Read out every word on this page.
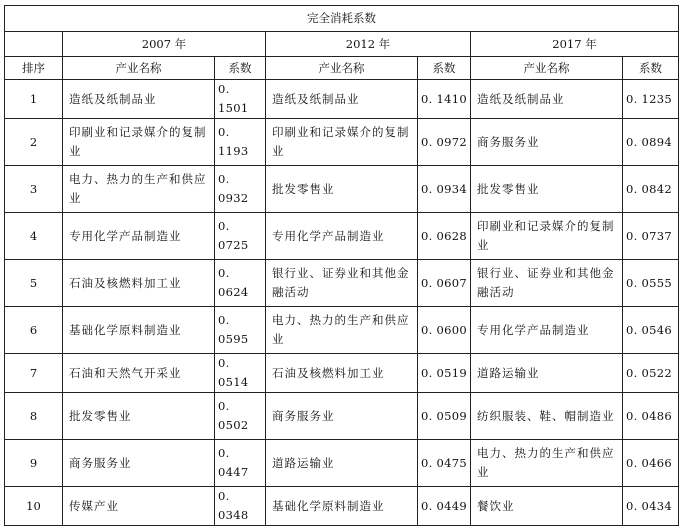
完全消耗系数						
	2007 年		2012 年		2017 年	
排序	产业名称	系数	产业名称	系数	产业名称	系数
1	造纸及纸制品业	0. 1501	造纸及纸制品业	0. 1410	造纸及纸制品业	0. 1235
2	印刷业和记录媒介的复制业	0. 1193	印刷业和记录媒介的复制业	0. 0972	商务服务业	0. 0894
3	电力、热力的生产和供应业	0. 0932	批发零售业	0. 0934	批发零售业	0. 0842
4	专用化学产品制造业	0. 0725	专用化学产品制造业	0. 0628	印刷业和记录媒介的复制业	0. 0737
5	石油及核燃料加工业	0. 0624	银行业、证券业和其他金融活动	0. 0607	银行业、证券业和其他金融活动	0. 0555
6	基础化学原料制造业	0. 0595	电力、热力的生产和供应业	0. 0600	专用化学产品制造业	0. 0546
7	石油和天然气开采业	0. 0514	石油及核燃料加工业	0. 0519	道路运输业	0. 0522
8	批发零售业	0. 0502	商务服务业	0. 0509	纺织服装、鞋、帽制造业	0. 0486
9	商务服务业	0. 0447	道路运输业	0. 0475	电力、热力的生产和供应业	0. 0466
10	传媒产业	0. 0348	基础化学原料制造业	0. 0449	餐饮业	0. 0434
